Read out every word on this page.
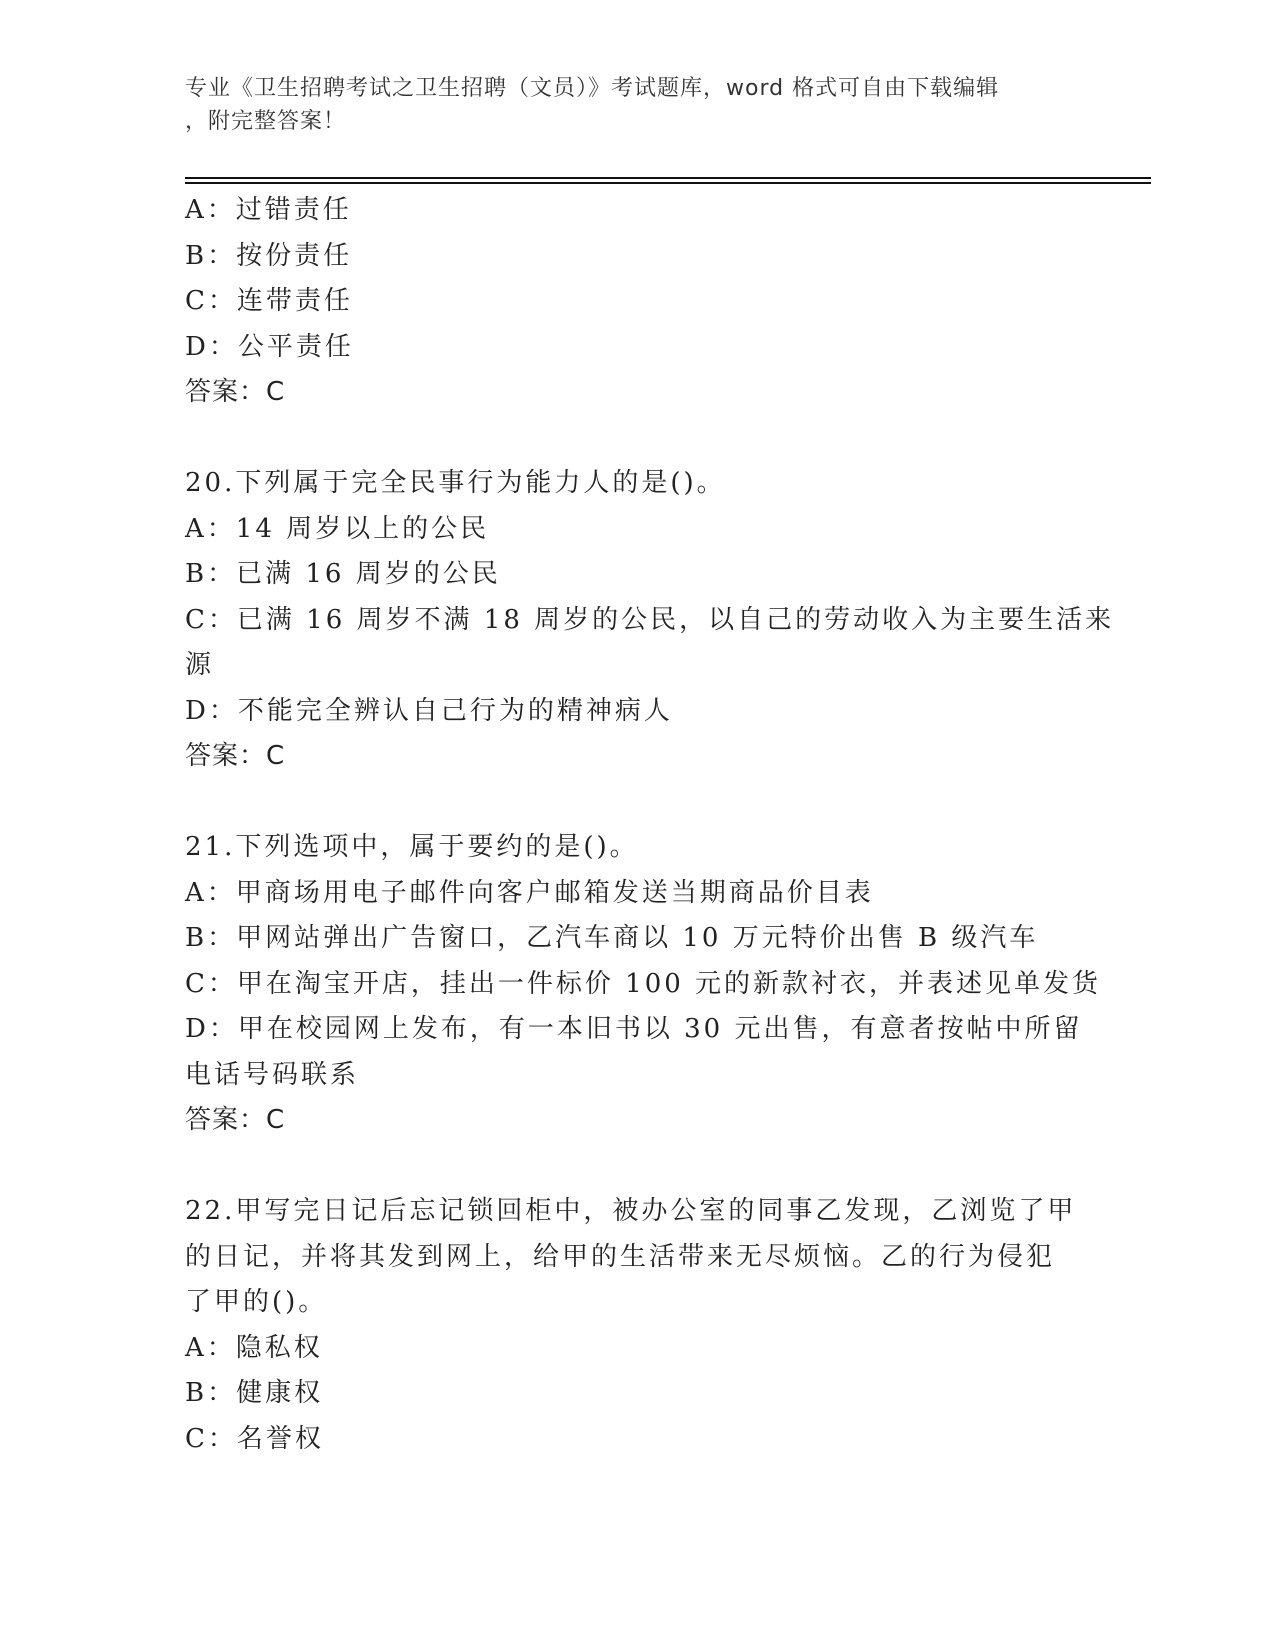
专业《卫生招聘考试之卫生招聘（文员）》考试题库，word 格式可自由下载编辑
，附完整答案！
A：过错责任
B：按份责任
C：连带责任
D：公平责任
答案：C
20.下列属于完全民事行为能力人的是()。
A：14 周岁以上的公民
B：已满 16 周岁的公民
C：已满 16 周岁不满 18 周岁的公民，以自己的劳动收入为主要生活来
源
D：不能完全辨认自己行为的精神病人
答案：C
21.下列选项中，属于要约的是()。
A：甲商场用电子邮件向客户邮箱发送当期商品价目表
B：甲网站弹出广告窗口，乙汽车商以 10 万元特价出售 B 级汽车
C：甲在淘宝开店，挂出一件标价 100 元的新款衬衣，并表述见单发货
D：甲在校园网上发布，有一本旧书以 30 元出售，有意者按帖中所留
电话号码联系
答案：C
22.甲写完日记后忘记锁回柜中，被办公室的同事乙发现，乙浏览了甲
的日记，并将其发到网上，给甲的生活带来无尽烦恼。乙的行为侵犯
了甲的()。
A：隐私权
B：健康权
C：名誉权
